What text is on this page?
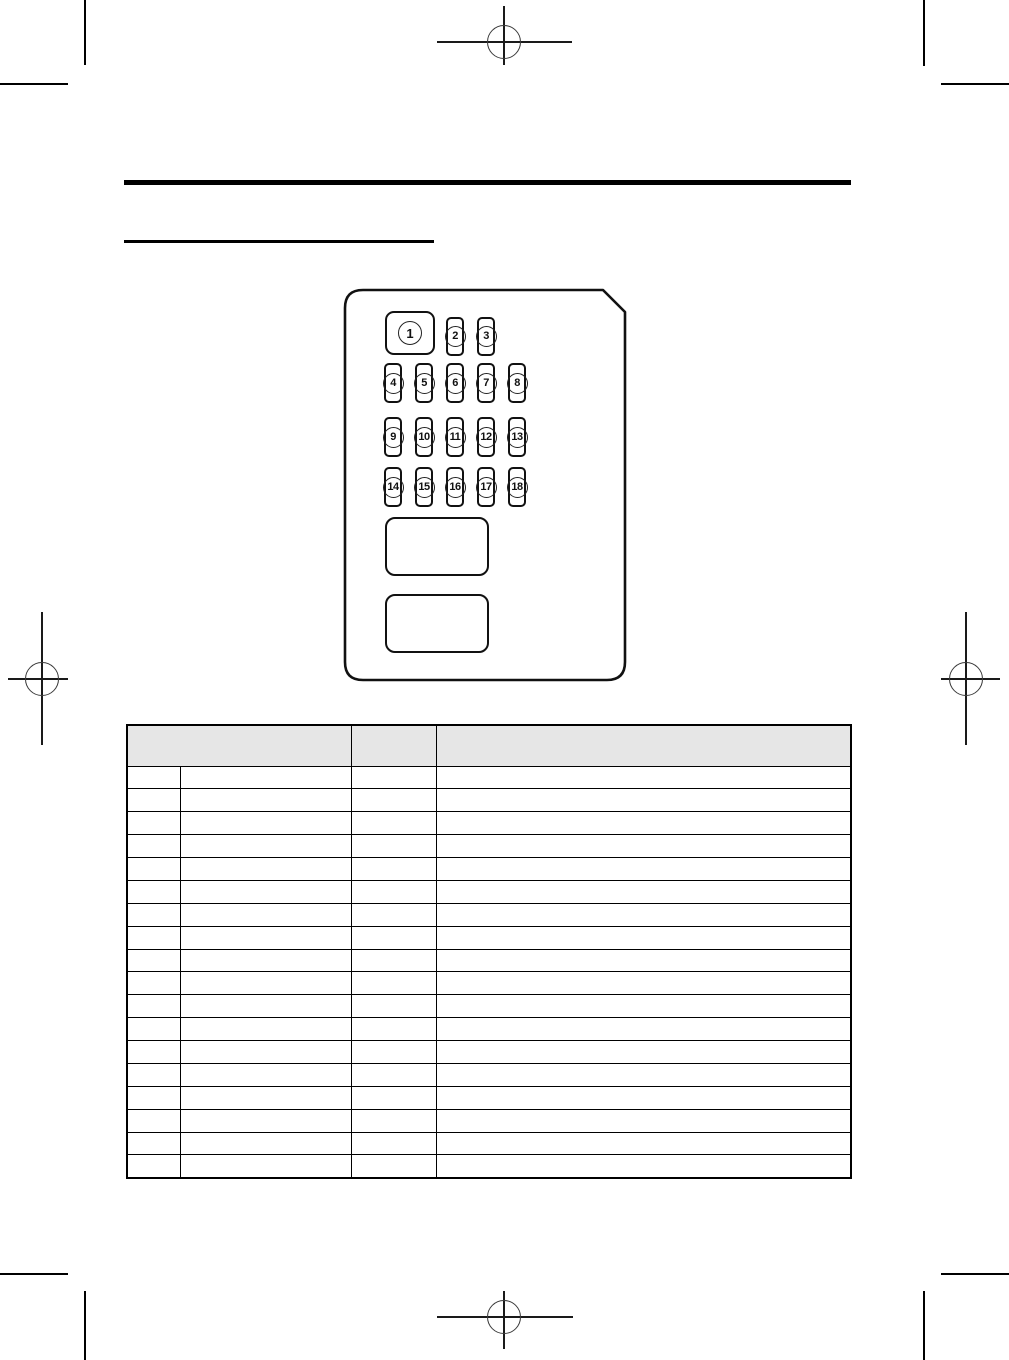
1	2	3
4	5	6	7	8
9	10	11	12	13
14	15	16	17	18
